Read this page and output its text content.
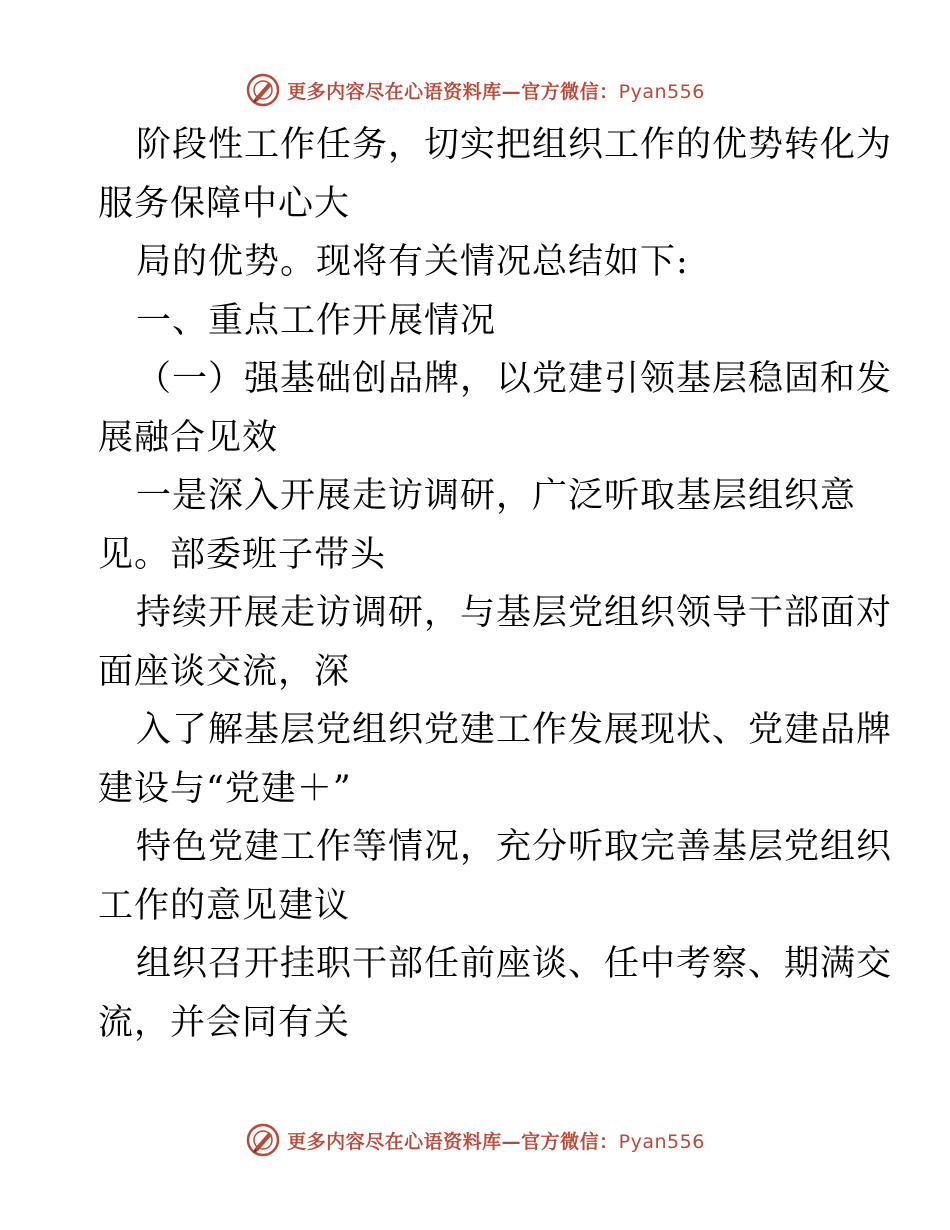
更多内容尽在心语资料库—官方微信：Pyan556
阶段性工作任务，切实把组织工作的优势转化为
服务保障中心大
局的优势。现将有关情况总结如下:
一、重点工作开展情况
（一）强基础创品牌，以党建引领基层稳固和发
展融合见效
一是深入开展走访调研，广泛听取基层组织意
见。部委班子带头
持续开展走访调研，与基层党组织领导干部面对
面座谈交流，深
入了解基层党组织党建工作发展现状、党建品牌
建设与“党建＋”
特色党建工作等情况，充分听取完善基层党组织
工作的意见建议
组织召开挂职干部任前座谈、任中考察、期满交
流，并会同有关
更多内容尽在心语资料库—官方微信：Pyan556
